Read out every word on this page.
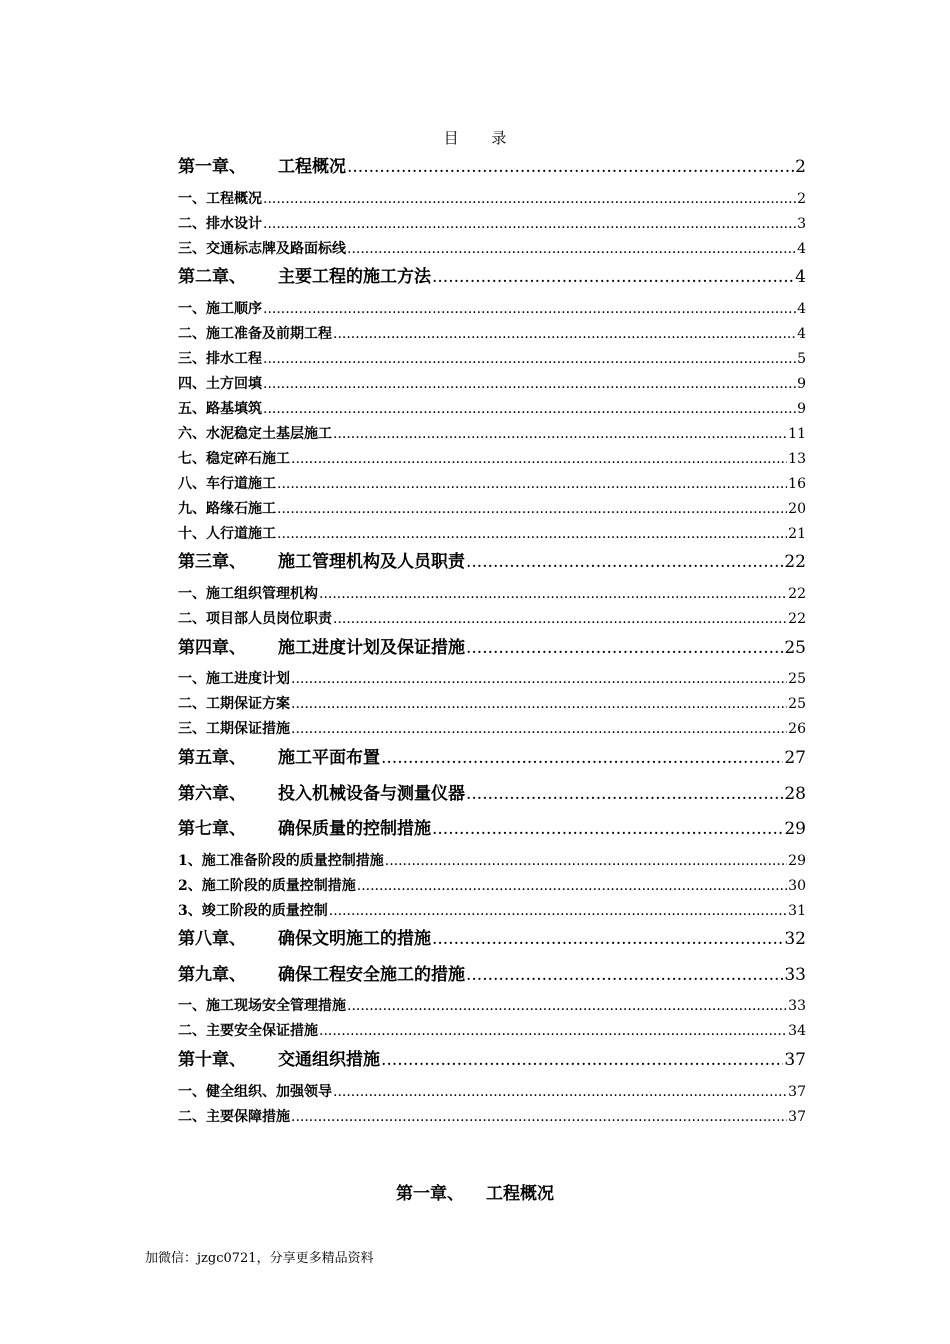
目 录
第一章、	工程概况 .....	2
一、工程概况 .....	2
二、排水设计 .....	3
三、交通标志牌及路面标线 .....	4
第二章、	主要工程的施工方法 .....	4
一、施工顺序 .....	4
二、施工准备及前期工程 .....	4
三、排水工程 .....	5
四、土方回填 .....	9
五、路基填筑 .....	9
六、水泥稳定土基层施工 .....	11
七、稳定碎石施工 .....	13
八、车行道施工 .....	16
九、路缘石施工 .....	20
十、人行道施工 .....	21
第三章、	施工管理机构及人员职责 .....	22
一、施工组织管理机构 .....	22
二、项目部人员岗位职责 .....	22
第四章、	施工进度计划及保证措施 .....	25
一、施工进度计划 .....	25
二、工期保证方案 .....	25
三、工期保证措施 .....	26
第五章、	施工平面布置 .....	27
第六章、	投入机械设备与测量仪器 .....	28
第七章、	确保质量的控制措施 .....	29
1、施工准备阶段的质量控制措施 .....	29
2、施工阶段的质量控制措施 .....	30
3、竣工阶段的质量控制 .....	31
第八章、	确保文明施工的措施 .....	32
第九章、	确保工程安全施工的措施 .....	33
一、施工现场安全管理措施 .....	33
二、主要安全保证措施 .....	34
第十章、	交通组织措施 .....	37
一、健全组织、加强领导 .....	37
二、主要保障措施 .....	37
第一章、 工程概况
加微信：jzgc0721，分享更多精品资料
